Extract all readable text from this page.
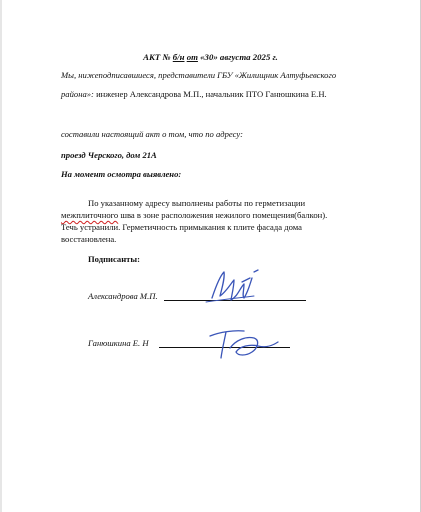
АКТ № б/н от «30» августа 2025 г.
Мы, нижеподписавшиеся, представители ГБУ «Жилищник Алтуфьевского
района»: инженер Александрова М.П., начальник ПТО Ганюшкина Е.Н.
составили настоящий акт о том, что по адресу:
проезд Черского, дом 21А
На момент осмотра выявлено:
По указанному адресу выполнены работы по герметизации
межплиточного шва в зоне расположения нежилого помещения(балкон).
Течь устранили. Герметичность примыкания к плите фасада дома
восстановлена.
Подписанты:
Александрова М.П.
Ганюшкина Е. Н
